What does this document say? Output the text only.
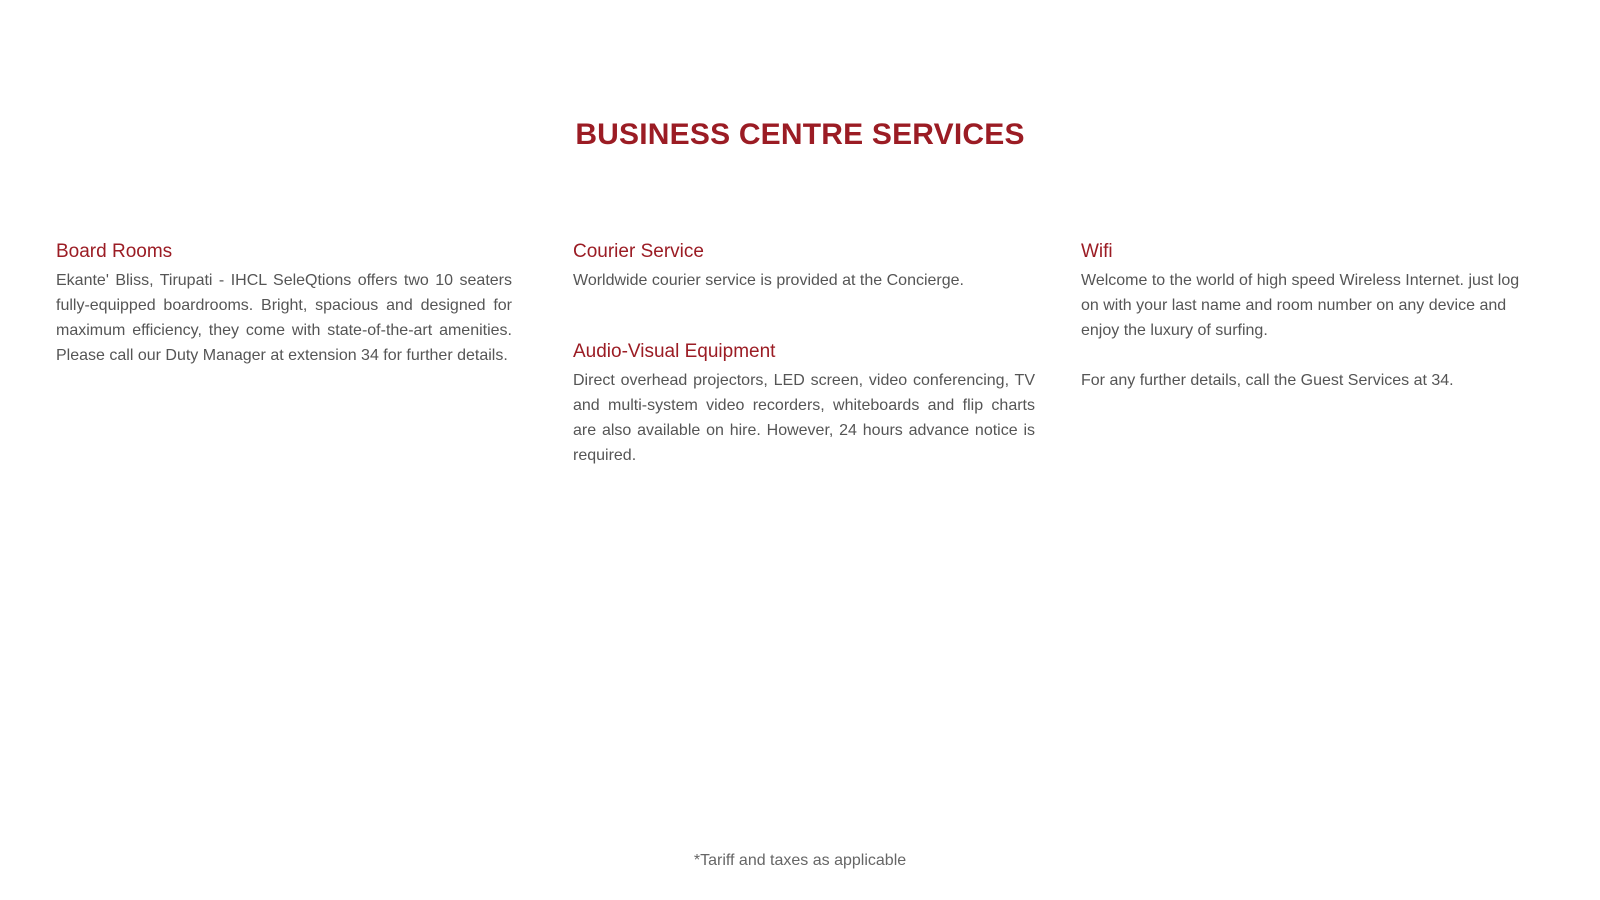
BUSINESS CENTRE SERVICES
Board Rooms

Ekante' Bliss, Tirupati - IHCL SeleQtions offers two 10 seaters fully-equipped boardrooms. Bright, spacious and designed for maximum efficiency, they come with state-of-the-art amenities. Please call our Duty Manager at extension 34 for further details.

Courier Service

Worldwide courier service is provided at the Concierge.

Audio-Visual Equipment

Direct overhead projectors, LED screen, video conferencing, TV and multi-system video recorders, whiteboards and flip charts are also available on hire. However, 24 hours advance notice is required.

Wifi

Welcome to the world of high speed Wireless Internet. just log on with your last name and room number on any device and enjoy the luxury of surfing.

For any further details, call the Guest Services at 34.

*Tariff and taxes as applicable
